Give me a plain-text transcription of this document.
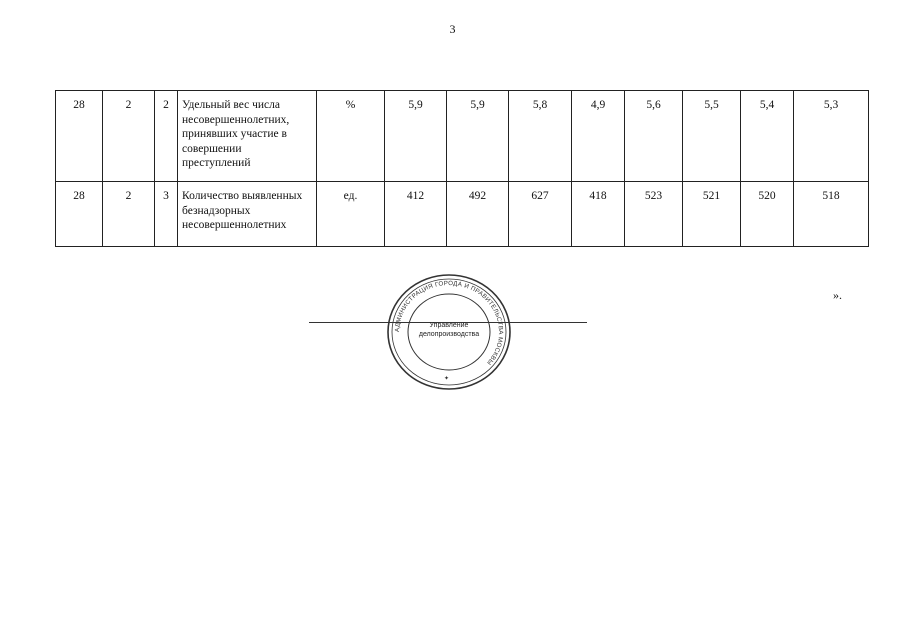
3
28	2	2	Удельный вес числа несовершеннолетних, принявших участие в совершении преступлений	%	5,9	5,9	5,8	4,9	5,6	5,5	5,4	5,3
28	2	3	Количество выявленных безнадзорных несовершеннолетних	ед.	412	492	627	418	523	521	520	518
».
АДМИНИСТРАЦИЯ ГОРОДА И ПРАВИТЕЛЬСТВА МОСКВЫ
✦
Управление
делопроизводства
